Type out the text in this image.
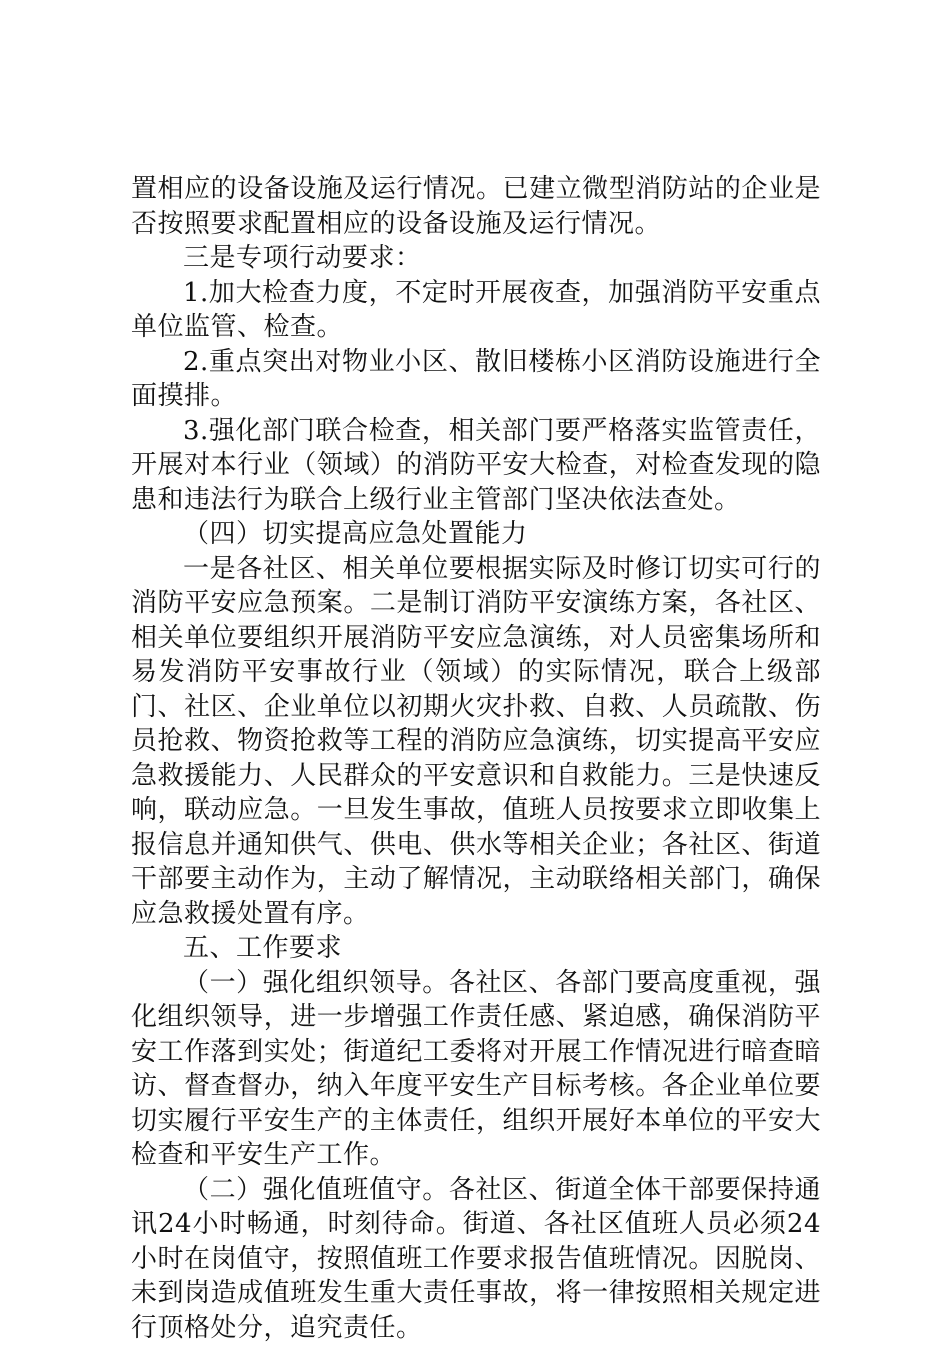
置相应的设备设施及运行情况。已建立微型消防站的企业是否按照要求配置相应的设备设施及运行情况。

三是专项行动要求：

1.加大检查力度，不定时开展夜查，加强消防平安重点单位监管、检查。

2.重点突出对物业小区、散旧楼栋小区消防设施进行全面摸排。

3.强化部门联合检查，相关部门要严格落实监管责任，开展对本行业（领域）的消防平安大检查，对检查发现的隐患和违法行为联合上级行业主管部门坚决依法查处。

（四）切实提高应急处置能力

一是各社区、相关单位要根据实际及时修订切实可行的消防平安应急预案。二是制订消防平安演练方案，各社区、相关单位要组织开展消防平安应急演练，对人员密集场所和易发消防平安事故行业（领域）的实际情况，联合上级部门、社区、企业单位以初期火灾扑救、自救、人员疏散、伤员抢救、物资抢救等工程的消防应急演练，切实提高平安应急救援能力、人民群众的平安意识和自救能力。三是快速反响，联动应急。一旦发生事故，值班人员按要求立即收集上报信息并通知供气、供电、供水等相关企业；各社区、街道干部要主动作为，主动了解情况，主动联络相关部门，确保应急救援处置有序。

五、工作要求

（一）强化组织领导。各社区、各部门要高度重视，强化组织领导，进一步增强工作责任感、紧迫感，确保消防平安工作落到实处；街道纪工委将对开展工作情况进行暗查暗访、督查督办，纳入年度平安生产目标考核。各企业单位要切实履行平安生产的主体责任，组织开展好本单位的平安大检查和平安生产工作。

（二）强化值班值守。各社区、街道全体干部要保持通讯24小时畅通，时刻待命。街道、各社区值班人员必须24小时在岗值守，按照值班工作要求报告值班情况。因脱岗、未到岗造成值班发生重大责任事故，将一律按照相关规定进行顶格处分，追究责任。
